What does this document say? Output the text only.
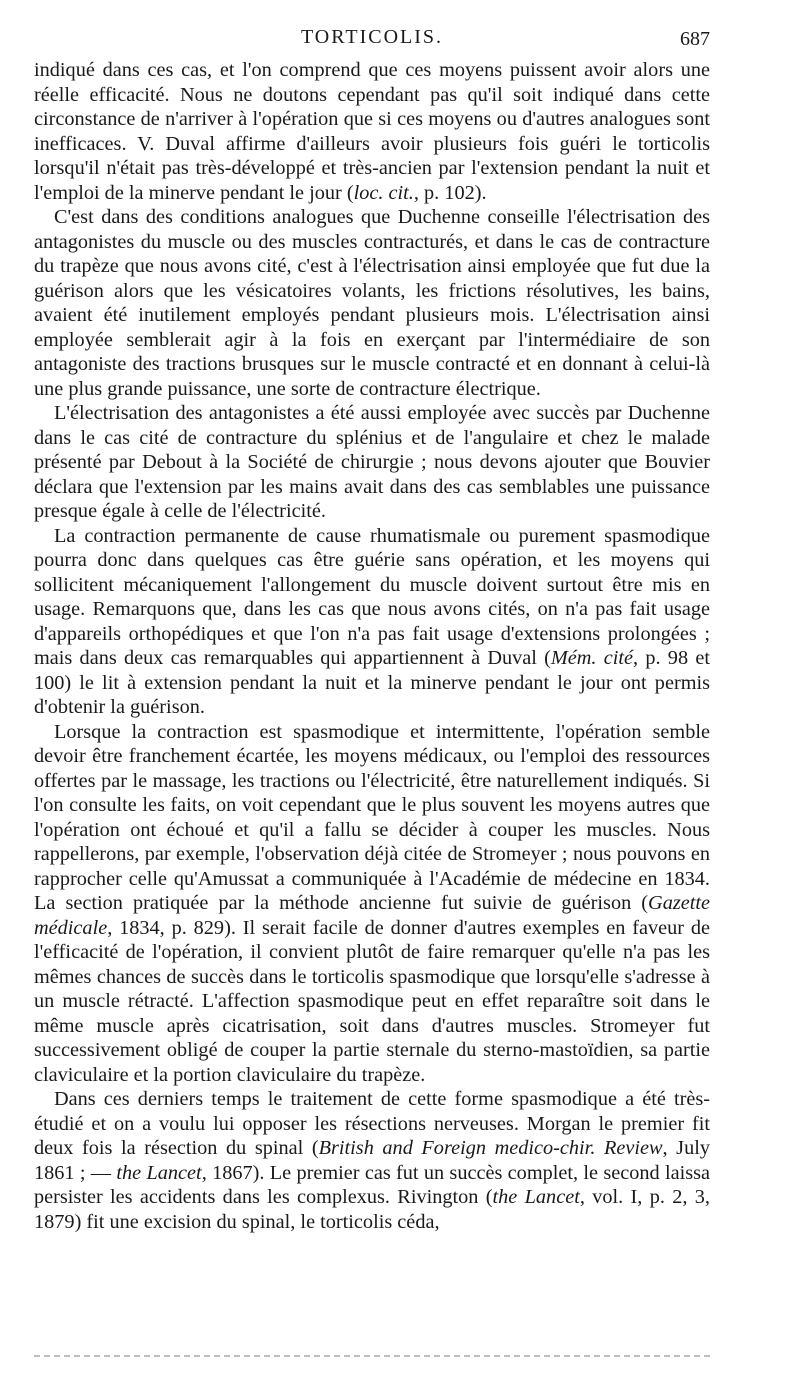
TORTICOLIS.	687

indiqué dans ces cas, et l'on comprend que ces moyens puissent avoir alors une réelle efficacité. Nous ne doutons cependant pas qu'il soit indiqué dans cette circonstance de n'arriver à l'opération que si ces moyens ou d'autres analogues sont inefficaces. V. Duval affirme d'ailleurs avoir plusieurs fois guéri le torticolis lorsqu'il n'était pas très-développé et très-ancien par l'extension pendant la nuit et l'emploi de la minerve pendant le jour (loc. cit., p. 102).

C'est dans des conditions analogues que Duchenne conseille l'électrisation des antagonistes du muscle ou des muscles contracturés, et dans le cas de contracture du trapèze que nous avons cité, c'est à l'électrisation ainsi employée que fut due la guérison alors que les vésicatoires volants, les frictions résolutives, les bains, avaient été inutilement employés pendant plusieurs mois. L'électrisation ainsi employée semblerait agir à la fois en exerçant par l'intermédiaire de son antagoniste des tractions brusques sur le muscle contracté et en donnant à celui-là une plus grande puissance, une sorte de contracture électrique.

L'électrisation des antagonistes a été aussi employée avec succès par Duchenne dans le cas cité de contracture du splénius et de l'angulaire et chez le malade présenté par Debout à la Société de chirurgie ; nous devons ajouter que Bouvier déclara que l'extension par les mains avait dans des cas semblables une puissance presque égale à celle de l'électricité.

La contraction permanente de cause rhumatismale ou purement spasmodique pourra donc dans quelques cas être guérie sans opération, et les moyens qui sollicitent mécaniquement l'allongement du muscle doivent surtout être mis en usage. Remarquons que, dans les cas que nous avons cités, on n'a pas fait usage d'appareils orthopédiques et que l'on n'a pas fait usage d'extensions prolongées ; mais dans deux cas remarquables qui appartiennent à Duval (Mém. cité, p. 98 et 100) le lit à extension pendant la nuit et la minerve pendant le jour ont permis d'obtenir la guérison.

Lorsque la contraction est spasmodique et intermittente, l'opération semble devoir être franchement écartée, les moyens médicaux, ou l'emploi des ressources offertes par le massage, les tractions ou l'électricité, être naturellement indiqués. Si l'on consulte les faits, on voit cependant que le plus souvent les moyens autres que l'opération ont échoué et qu'il a fallu se décider à couper les muscles. Nous rappellerons, par exemple, l'observation déjà citée de Stromeyer ; nous pouvons en rapprocher celle qu'Amussat a communiquée à l'Académie de médecine en 1834. La section pratiquée par la méthode ancienne fut suivie de guérison (Gazette médicale, 1834, p. 829). Il serait facile de donner d'autres exemples en faveur de l'efficacité de l'opération, il convient plutôt de faire remarquer qu'elle n'a pas les mêmes chances de succès dans le torticolis spasmodique que lorsqu'elle s'adresse à un muscle rétracté. L'affection spasmodique peut en effet reparaître soit dans le même muscle après cicatrisation, soit dans d'autres muscles. Stromeyer fut successivement obligé de couper la partie sternale du sterno-mastoïdien, sa partie claviculaire et la portion claviculaire du trapèze.

Dans ces derniers temps le traitement de cette forme spasmodique a été très-étudié et on a voulu lui opposer les résections nerveuses. Morgan le premier fit deux fois la résection du spinal (British and Foreign medico-chir. Review, July 1861 ; — the Lancet, 1867). Le premier cas fut un succès complet, le second laissa persister les accidents dans les complexus. Rivington (the Lancet, vol. I, p. 2, 3, 1879) fit une excision du spinal, le torticolis céda,
